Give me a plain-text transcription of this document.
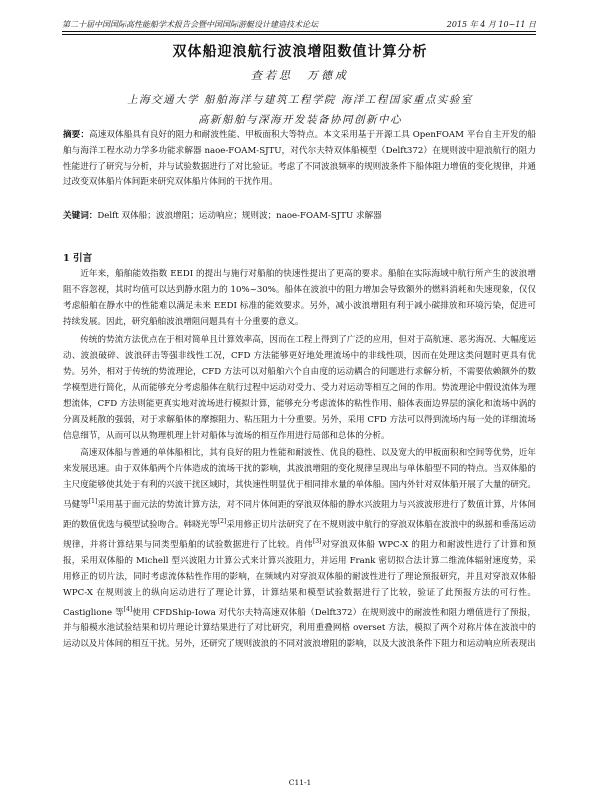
第二十届中国国际高性能船学术报告会暨中国国际游艇设计建造技术论坛	2015 年 4 月 10~11 日
双体船迎浪航行波浪增阻数值计算分析
查若思　万德成
上海交通大学 船舶海洋与建筑工程学院 海洋工程国家重点实验室
高新船舶与深海开发装备协同创新中心
摘要：高速双体船具有良好的阻力和耐波性能、甲板面积大等特点。本文采用基于开源工具 OpenFOAM 平台自主开发的船舶与海洋工程水动力学多功能求解器 naoe-FOAM-SJTU，对代尔夫特双体船模型（Delft372）在规则波中迎浪航行的阻力性能进行了研究与分析，并与试验数据进行了对比验证。考虑了不同波浪频率的规则波条件下船体阻力增值的变化规律，并通过改变双体船片体间距来研究双体船片体间的干扰作用。
关键词：Delft 双体船；波浪增阻；运动响应；规则波；naoe-FOAM-SJTU 求解器
1 引言

近年来，船舶能效指数 EEDI 的提出与施行对船舶的快速性提出了更高的要求。船舶在实际海域中航行所产生的波浪增阻不容忽视，其时均值可以达到静水阻力的 10%~30%。船体在波浪中的阻力增加会导致额外的燃料消耗和失速现象，仅仅考虑船舶在静水中的性能难以满足未来 EEDI 标准的能效要求。另外，减小波浪增阻有利于减小碳排放和环境污染，促进可持续发展。因此，研究船舶波浪增阻问题具有十分重要的意义。

传统的势流方法优点在于相对简单且计算效率高，因而在工程上得到了广泛的应用，但对于高航速、恶劣海况、大幅度运动、波浪破碎、波浪砰击等强非线性工况，CFD 方法能够更好地处理流场中的非线性项，因而在处理这类问题时更具有优势。另外，相对于传统的势流理论，CFD 方法可以对船舶六个自由度的运动耦合的问题进行求解分析，不需要依赖额外的数学模型进行简化，从而能够充分考虑船体在航行过程中运动对受力、受力对运动等相互之间的作用。势流理论中假设流体为理想流体，CFD 方法则能更真实地对流场进行模拟计算，能够充分考虑流体的粘性作用、船体表面边界层的演化和流场中涡的分离及耗散的强弱，对于求解船体的摩擦阻力、粘压阻力十分重要。另外，采用 CFD 方法可以得到流场内每一处的详细流场信息细节，从而可以从物理机理上针对船体与流场的相互作用进行局部和总体的分析。

高速双体船与普通的单体船相比，其有良好的阻力性能和耐波性、优良的稳性、以及宽大的甲板面积和空间等优势，近年来发展迅速。由于双体船两个片体造成的流场干扰的影响，其波浪增阻的变化规律呈现出与单体船型不同的特点。当双体船的主尺度能够使其处于有利的兴波干扰区域时，其快速性明显优于相同排水量的单体船。国内外针对双体船开展了大量的研究。马健等[1]采用基于面元法的势流计算方法，对不同片体间距的穿浪双体船的静水兴波阻力与兴波波形进行了数值计算，片体间距的数值优选与模型试验吻合。韩晓光等[2]采用修正切片法研究了在不规则波中航行的穿浪双体船在波浪中的纵摇和垂荡运动规律，并将计算结果与同类型船舶的试验数据进行了比较。肖伟[3]对穿浪双体船 WPC-X 的阻力和耐波性进行了计算和预报，采用双体船的 Michell 型兴波阻力计算公式来计算兴波阻力，并运用 Frank 密切拟合法计算二维流体辐射速度势，采用修正的切片法，同时考虑流体粘性作用的影响，在频域内对穿浪双体船的耐波性进行了理论预报研究，并且对穿浪双体船 WPC-X 在规则波上的纵向运动进行了理论计算，计算结果和模型试验数据进行了比较，验证了此预报方法的可行性。Castiglione 等[4]使用 CFDShip-Iowa 对代尔夫特高速双体船（Delft372）在规则波中的耐波性和阻力增值进行了预报，并与船模水池试验结果和切片理论计算结果进行了对比研究，利用重叠网格 overset 方法，模拟了两个对称片体在波浪中的运动以及片体间的相互干扰。另外，还研究了规则波浪的不同对波浪增阻的影响，以及大波浪条件下阻力和运动响应所表现出

C11-1
